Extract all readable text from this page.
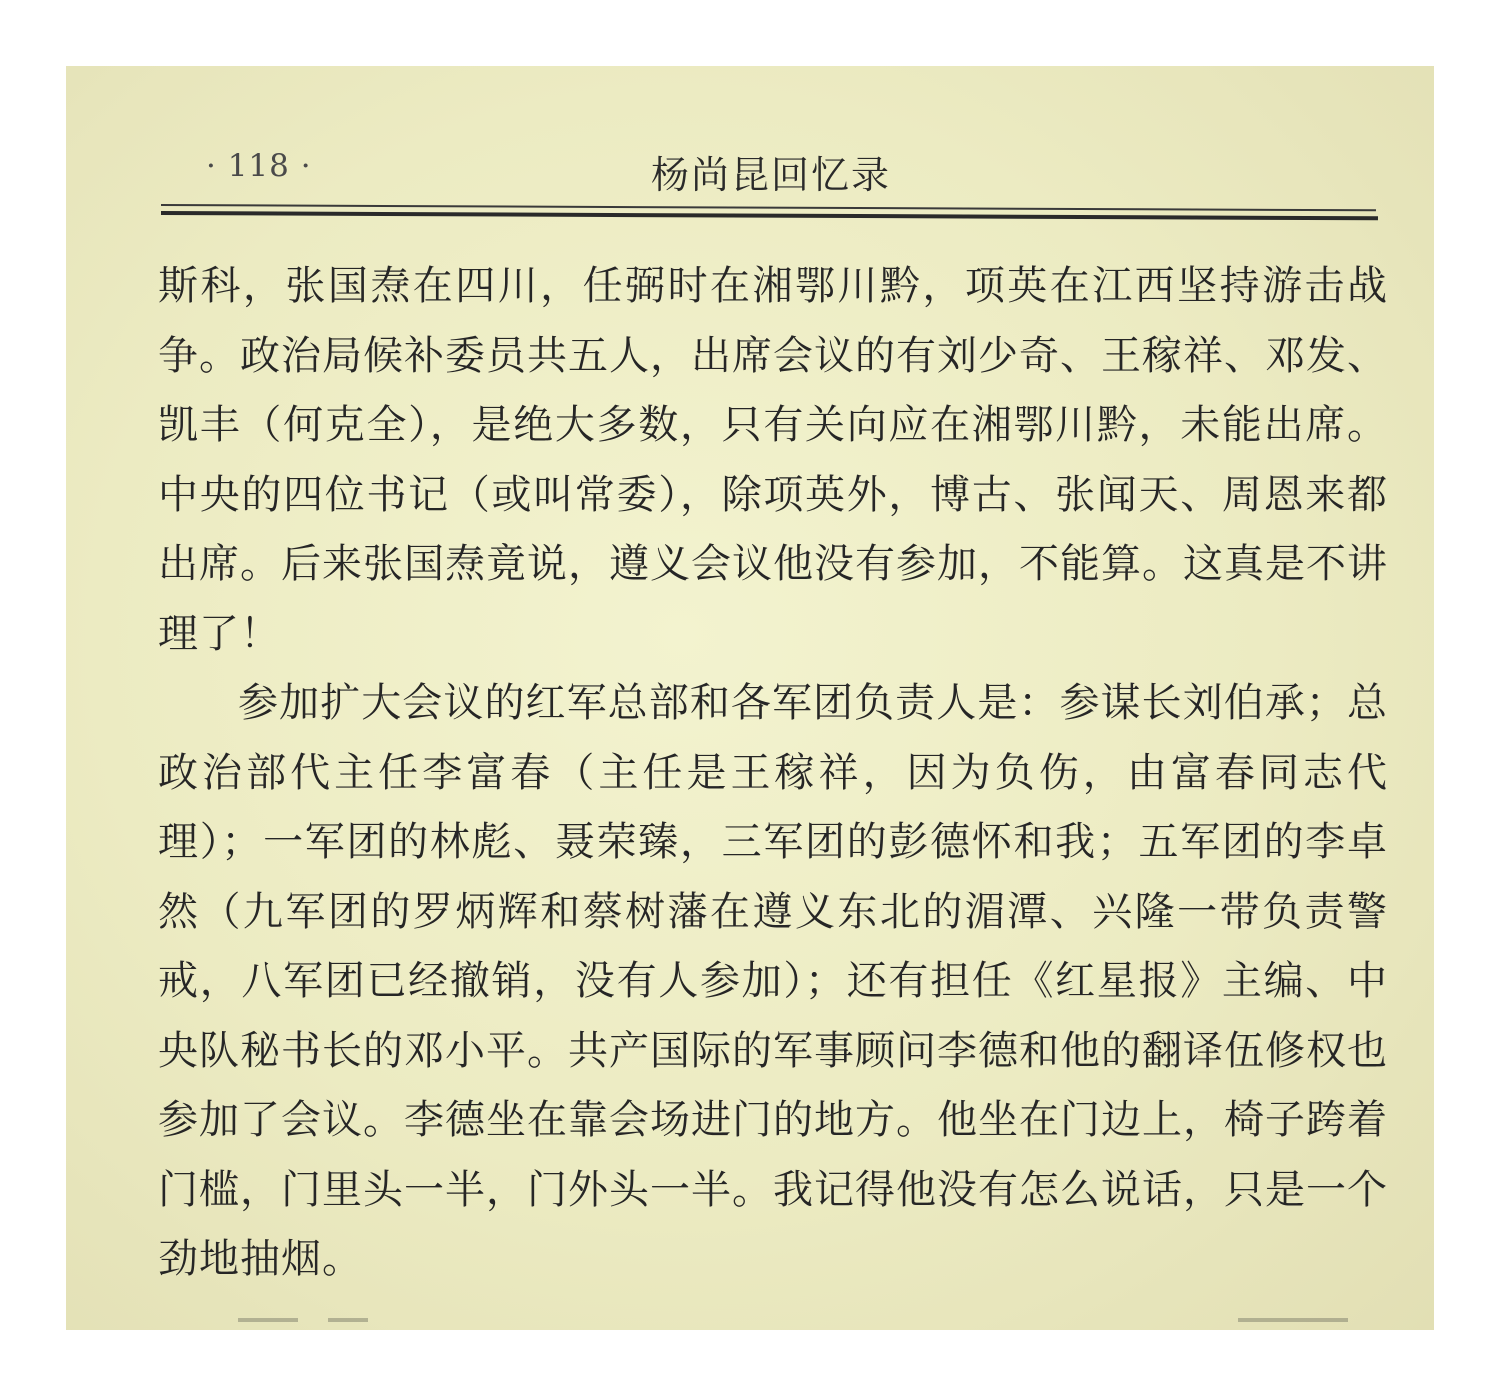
· 118 ·	杨尚昆回忆录

斯科，张国焘在四川，任弼时在湘鄂川黔，项英在江西坚持游击战争。政治局候补委员共五人，出席会议的有刘少奇、王稼祥、邓发、凯丰（何克全），是绝大多数，只有关向应在湘鄂川黔，未能出席。中央的四位书记（或叫常委），除项英外，博古、张闻天、周恩来都出席。后来张国焘竟说，遵义会议他没有参加，不能算。这真是不讲理了！

参加扩大会议的红军总部和各军团负责人是：参谋长刘伯承；总政治部代主任李富春（主任是王稼祥，因为负伤，由富春同志代理）；一军团的林彪、聂荣臻，三军团的彭德怀和我；五军团的李卓然（九军团的罗炳辉和蔡树藩在遵义东北的湄潭、兴隆一带负责警戒，八军团已经撤销，没有人参加）；还有担任《红星报》主编、中央队秘书长的邓小平。共产国际的军事顾问李德和他的翻译伍修权也参加了会议。李德坐在靠会场进门的地方。他坐在门边上，椅子跨着门槛，门里头一半，门外头一半。我记得他没有怎么说话，只是一个劲地抽烟。
